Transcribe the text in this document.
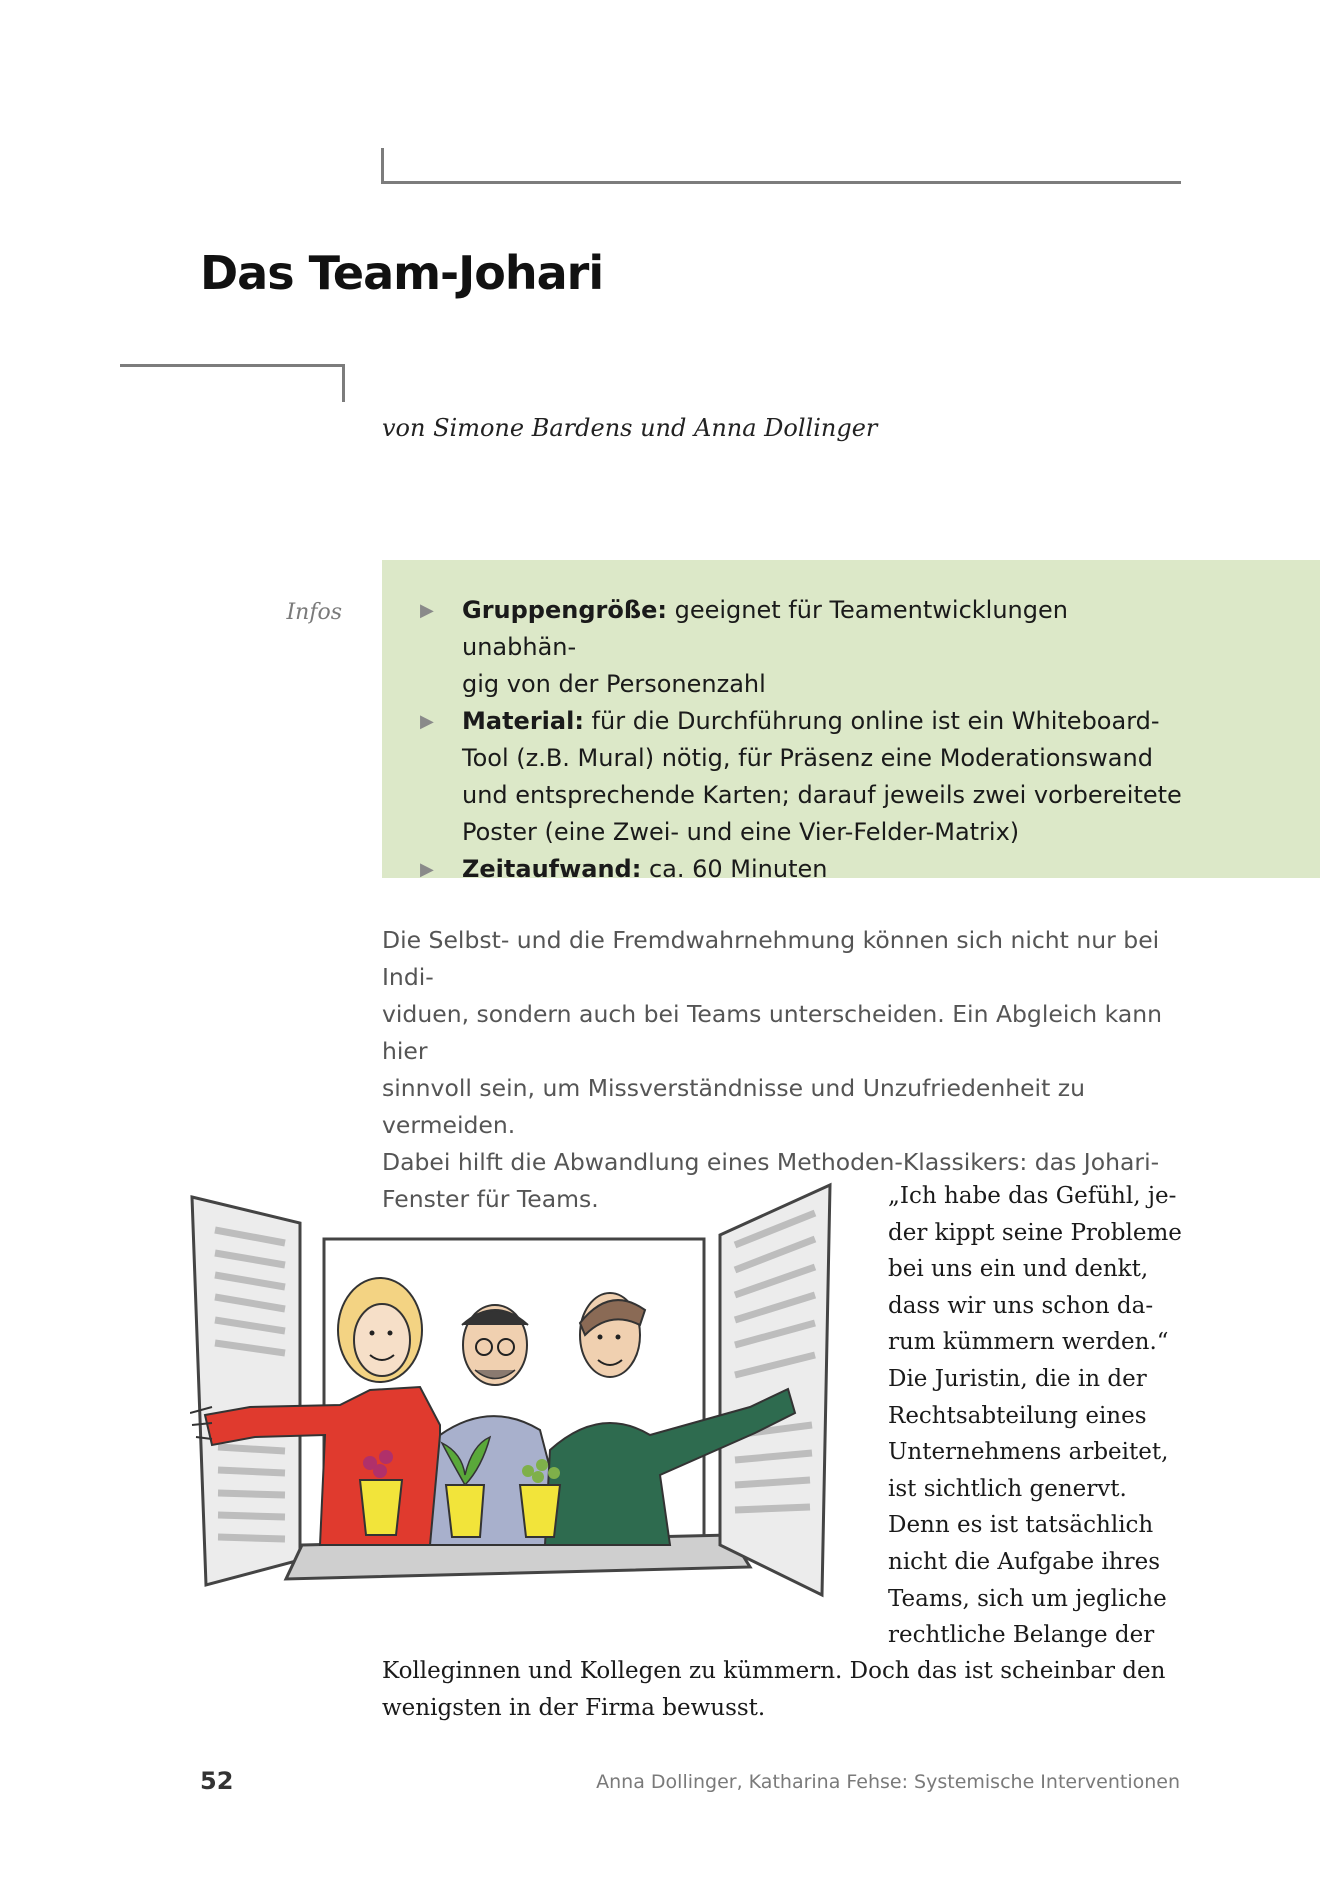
Das Team-Johari
von Simone Bardens und Anna Dollinger
Infos	▶ Gruppengröße: geeignet für Teamentwicklungen unabhän-
gig von der Personenzahl
▶ Material: für die Durchführung online ist ein Whiteboard-
Tool (z.B. Mural) nötig, für Präsenz eine Moderationswand
und entsprechende Karten; darauf jeweils zwei vorbereitete
Poster (eine Zwei- und eine Vier-Felder-Matrix)
▶ Zeitaufwand: ca. 60 Minuten

Die Selbst- und die Fremdwahrnehmung können sich nicht nur bei Indi-
viduen, sondern auch bei Teams unterscheiden. Ein Abgleich kann hier
sinnvoll sein, um Missverständnisse und Unzufriedenheit zu vermeiden.
Dabei hilft die Abwandlung eines Methoden-Klassikers: das Johari-
Fenster für Teams.	„Ich habe das Gefühl, je-
der kippt seine Probleme
bei uns ein und denkt,
dass wir uns schon da-
rum kümmern werden.“
Die Juristin, die in der
Rechtsabteilung eines
Unternehmens arbeitet,
ist sichtlich genervt.
Denn es ist tatsächlich
nicht die Aufgabe ihres
Teams, sich um jegliche
rechtliche Belange der

Kolleginnen und Kollegen zu kümmern. Doch das ist scheinbar den
wenigsten in der Firma bewusst.

52	Anna Dollinger, Katharina Fehse: Systemische Interventionen
